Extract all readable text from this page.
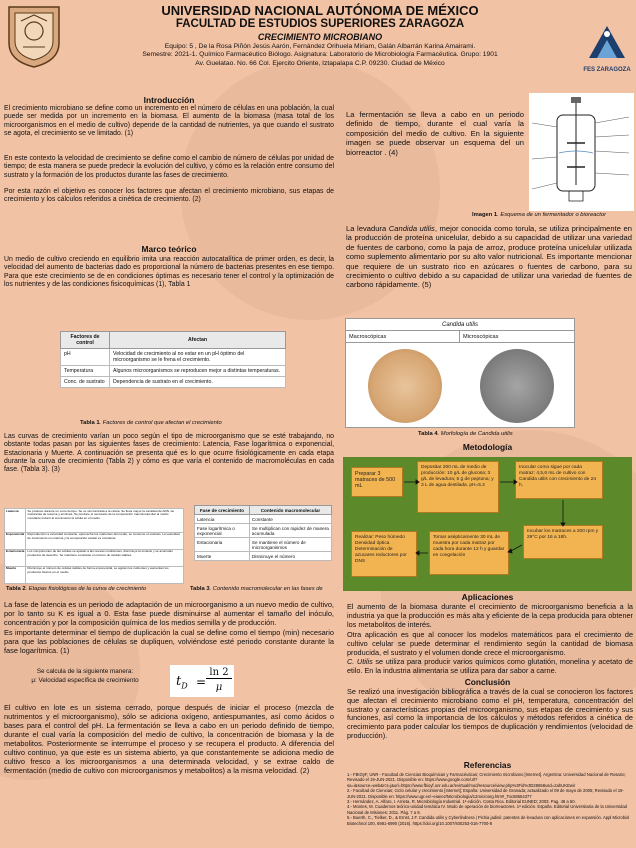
FES ZARAGOZA
UNIVERSIDAD NACIONAL AUTÓNOMA DE MÉXICO
FACULTAD DE ESTUDIOS SUPERIORES ZARAGOZA
CRECIMIENTO MICROBIANO
Equipo: 5 , De la Rosa Piñón Jesús Aarón, Fernández Orihuela Miriam, Galán Albarrán Karina Amairami.
Semestre: 2021-1. Químico Farmacéutico Biólogo. Asignatura: Laboratorio de Microbiología Farmacéutica. Grupo: 1901
Av. Guelatao. No. 66 Col. Ejercito Oriente, Iztapalapa C.P. 09230. Ciudad de México
Introducción
El crecimiento microbiano se define como un incremento en el número de células en una población, la cual puede ser medida por un incremento en la biomasa. El aumento de la biomasa (masa total de los microorganismos en el medio de cultivo) depende de la cantidad de nutrientes, ya que cuando el sustrato se agota, el crecimiento se ve limitado. (1)
En este contexto la velocidad de crecimiento se define como el cambio de número de células por unidad de tiempo; de esta manera se puede predecir la evolución del cultivo, y cómo es la relación entre consumo del sustrato y la formación de los productos durante las fases de crecimiento.
Por esta razón el objetivo es conocer los factores que afectan el crecimiento microbiano, sus etapas de crecimiento y los cálculos referidos a cinética de crecimiento. (2)
Marco teórico
Un medio de cultivo creciendo en equilibrio imita una reacción autocatalítica de primer orden, es decir, la velocidad del aumento de bacterias dado es proporcional la número de bacterias presentes en ese tiempo. Para que este crecimiento se de en condiciones óptimas es necesario tener el control y la optimización de los nutrientes y de las condiciones fisicoquímicas (1), Tabla 1
Factores de control	Afectan
pH	Velocidad de crecimiento al no estar en un pH óptimo del microorganismo se le frena el crecimiento.
Temperatura	Algunos microorganismos se reproducen mejor a distintas temperaturas.
Conc. de sustrato	Dependencia de sustrato en el crecimiento.
Tabla 1. Factores de control que afectan el crecimiento
Las curvas de crecimiento varían un poco según el tipo de microorganismo que se esté trabajando, no obstante todas pasan por las siguientes fases de crecimiento: Latencia, Fase logarítmica o exponencial, Estacionaria y Muerte. A continuación se presenta qué es lo que ocurre fisiológicamente en cada etapa durante la curva de crecimiento (Tabla 2) y cómo es que varía el contenido de macromoléculas en cada fase. (Tabla 3). (3)
Latencia	Se produce durante un corto tiempo. Se ve sincronizada a la célula. Se lleva mayor la cantidad de ARN, de sustancias de reserva y enzimas. Se produce el necesario de la composición macromolecular al medio constante inducir al crecimiento la célula en el medio.
Exponencial	Reproducción a velocidad constante, aprovecha los nutrientes del medio, se consume el sustrato. La velocidad de crecimiento es máxima y la composición celular es constante.
Estacionaria	Los componentes de las células se ajustan a las nuevas condiciones, disminuye la síntesis y se acumulan productos de desecho. Se mantiene constante el número de células viables.
Muerte	Disminuye el número de células viables de forma exponencial, se agotan los nutrientes y aumentan los productos tóxicos en el medio.
Tabla 2. Etapas fisiológicas de la curva de crecimiento
Fase de crecimiento	Contenido macromolecular
Latencia	Constante
Fase logarítmica o exponencial	Se multiplican con rapidez de manera acumulada
Estacionaria	Se mantiene el número de microorganismos
Muerte	Disminuye el número
Tabla 3. Contenido macromolecular en las fases de
La fase de latencia es un periodo de adaptación de un microorganismo a un nuevo medio de cultivo, por lo tanto su K es igual a 0. Esta fase puede disminuirse al aumentar el tamaño del inóculo, concentración y por la composición química de los medios semilla y de producción.
Es importante determinar el tiempo de duplicación la cual se define como el tiempo (min) necesario para que las poblaciones de células se dupliquen, volviéndose esté periodo constante durante la fase logarítmica. (1)
Se calcula de la siguiente manera:
μ: Velocidad específica de crecimiento	$t_D$ =
ln 2
μ
El cultivo en lote es un sistema cerrado, porque después de iniciar el proceso (mezcla de nutrimentos y el microorganismo), sólo se adiciona oxígeno, antiespumantes, así como ácidos o bases para el control del pH. La fermentación se lleva a cabo en un periodo definido de tiempo, durante el cual varía la composición del medio de cultivo, la concentración de biomasa y la de metabolitos. Posteriormente se interrumpe el proceso y se recupera el producto. A diferencia del cultivo continuo, ya que este es un sistema abierto, ya que constantemente se adiciona medio de cultivo fresco a los microorganismos a una determinada velocidad, y se extrae caldo de fermentación (medio de cultivo con microorganismos y metabolitos) a la misma velocidad. (2)
La fermentación se lleva a cabo en un periodo definido de tiempo, durante el cual varía la composición del medio de cultivo. En la siguiente imagen se puede observar un esquema del un biorreactor . (4)
Imagen 1. Esquema de un fermentador o bioreactor
La levadura Candida utilis, mejor conocida como torula, se utiliza principalmente en la producción de proteína unicelular, debido a su capacidad de utilizar una variedad de fuentes de carbono, como la paja de arroz, produce proteína unicelular utilizada como suplemento alimentario por su alto valor nutricional. Es importante mencionar que requiere de un sustrato rico en azúcares o fuentes de carbono, para su crecimiento o cultivo debido a su capacidad de utilizar una variedad de fuentes de carbono rápidamente. (5)
Candida utilis
Macroscópicas	Microscópicas
Tabla 4. Morfología de Candida utilis
Metodología
Preparar 3 matraces de 500 mL
Depositar 200 mL de medio de producción: 10 g/L de glucosa; 3 g/L de levadura; 5 g de peptona; y 3 L de agua destilada. pH=5.2
Inocular como sigue por cada matraz: 4,5,6 mL de cultivo con Candida utilis con crecimiento de 24 h.
Incubar los matraces a 200 rpm y 29°C por 16 a 18h.
Tomar asépticamente 30 mL de muestra por cada matraz por cada hora durante 12 h y guardar en congelación
Realizar: Peso húmedo Densidad óptica Determinación de azucares reductores por DNS
Aplicaciones
El aumento de la biomasa durante el crecimiento de microorganismo beneficia a la industria ya que la producción es más alta y eficiente de la cepa producida para obtener los metabolitos de interés.
Otra aplicación es que al conocer los modelos matemáticos para el crecimiento de cultivo celular se puede determinar el rendimiento según la cantidad de biomasa producida, el sustrato y el volumen donde crece el microorganismo.
C. Utilis se utiliza para producir varios químicos como glutatión, monelina y acetato de etilo. En la industria alimentaria se utiliza para dar sabor a carne.
Conclusión
Se realizó una investigación bibliográfica a través de la cual se conocieron los factores que afectan el crecimiento microbiano como el pH, temperatura, concentración del sustrato y características propias del microorganismo, sus etapas de crecimiento y sus funciones, así como la importancia de los cálculos y métodos referidos a cinética de crecimiento para poder calcular los tiempos de duplicación y rendimientos (velocidad de producción).
Referencias
1.- FBIOyF, UNR - Facultad de Ciencias Bioquímicas y Farmacéuticas; Crecimiento microbiano [Internet]. Argentina: Universidad Nacional de Rosario; Revisado el 19-JUN-2021. Disponible en: https://www.google.com/url?sa=i&source=web&rct=j&url=https://www.fbioyf.unr.edu.ar/evirtual/mod/resource/view.php%3Fid%3D28658usd=2ahUKEwir
2.- Facultad de Ciencias; Ciclo celular y crecimiento [Internet]; España: Universidad de Granada; actualizado el 09 de mayo de 2005; Revisado el 19-JUN-2021. Disponible en: https://www.ugr.es/~eianez/Microbiologia/12microorg.htm#_Toc58554377
3.- Hernández, A. Alfaro, I. Arrieta, R. Microbiología Industrial. 1ª edición. Costa Rica. Editorial EUNED; 2003. Pag. 48 a 50.
4.- Montes, M. Cuadernos teórico-unidad temática IV. Modo de operación de biorreactores. 1ª edición. España. Editorial Universitaria de la Universidad Nacional de Misiones; 2011. Pág. 7 a 9.
5.- Buerth, C., Tielker, D., & Ernst, J.F. Candida utilis y Cyberlindnera | Pichia jadinii: patentes de levadura con aplicaciones en expansión. Appl Microbiol Biotechnol 100, 6981-6990 (2016). https://doi.org/10.1007/s00253-016-7700-8
